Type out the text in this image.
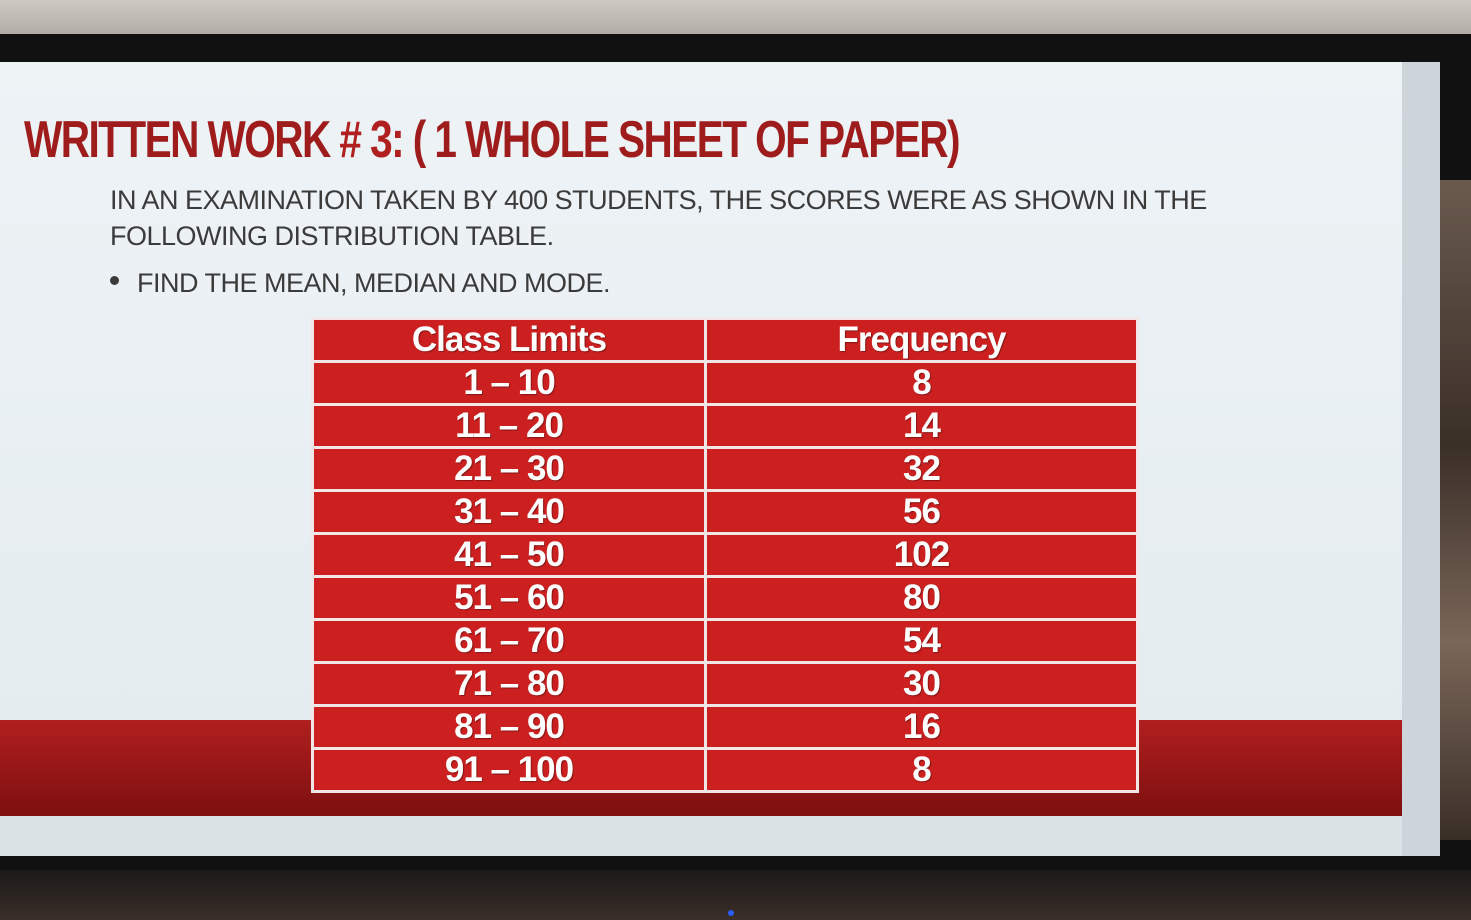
WRITTEN WORK # 3: ( 1 WHOLE SHEET OF PAPER)
IN AN EXAMINATION TAKEN BY 400 STUDENTS, THE SCORES WERE AS SHOWN IN THE FOLLOWING DISTRIBUTION TABLE.
FIND THE MEAN, MEDIAN AND MODE.
Class Limits	Frequency
1 – 10	8
11 – 20	14
21 – 30	32
31 – 40	56
41 – 50	102
51 – 60	80
61 – 70	54
71 – 80	30
81 – 90	16
91 – 100	8
